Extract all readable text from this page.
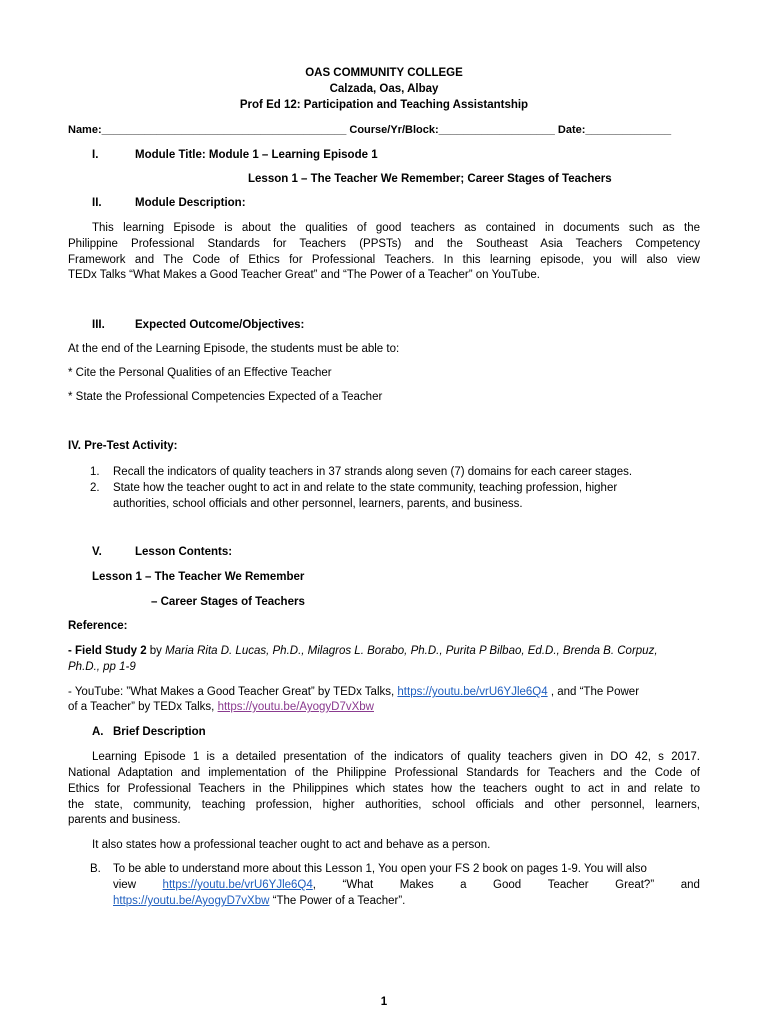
OAS COMMUNITY COLLEGE
Calzada, Oas, Albay
Prof Ed 12: Participation and Teaching Assistantship
Name:________________________________________ Course/Yr/Block:___________________ Date:______________
I.	Module Title: Module 1 – Learning Episode 1
Lesson 1 – The Teacher We Remember; Career Stages of Teachers
II.	Module Description:
This learning Episode is about the qualities of good teachers as contained in documents such as the
Philippine Professional Standards for Teachers (PPSTs) and the Southeast Asia Teachers Competency
Framework and The Code of Ethics for Professional Teachers. In this learning episode, you will also view
TEDx Talks “What Makes a Good Teacher Great” and “The Power of a Teacher” on YouTube.
III.	Expected Outcome/Objectives:
At the end of the Learning Episode, the students must be able to:
* Cite the Personal Qualities of an Effective Teacher
* State the Professional Competencies Expected of a Teacher
IV. Pre-Test Activity:
1. Recall the indicators of quality teachers in 37 strands along seven (7) domains for each career stages.
2. State how the teacher ought to act in and relate to the state community, teaching profession, higher
authorities, school officials and other personnel, learners, parents, and business.
V.	Lesson Contents:
Lesson 1 – The Teacher We Remember
– Career Stages of Teachers
Reference:
- Field Study 2 by Maria Rita D. Lucas, Ph.D., Milagros L. Borabo, Ph.D., Purita P Bilbao, Ed.D., Brenda B. Corpuz,
Ph.D., pp 1-9
- YouTube: ”What Makes a Good Teacher Great” by TEDx Talks, https://youtu.be/vrU6YJle6Q4 , and “The Power
of a Teacher” by TEDx Talks, https://youtu.be/AyogyD7vXbw
A. Brief Description
Learning Episode 1 is a detailed presentation of the indicators of quality teachers given in DO 42, s 2017.
National Adaptation and implementation of the Philippine Professional Standards for Teachers and the Code of
Ethics for Professional Teachers in the Philippines which states how the teachers ought to act in and relate to
the state, community, teaching profession, higher authorities, school officials and other personnel, learners,
parents and business.
It also states how a professional teacher ought to act and behave as a person.
B. To be able to understand more about this Lesson 1, You open your FS 2 book on pages 1-9. You will also
view https://youtu.be/vrU6YJle6Q4, “What Makes a Good Teacher Great?” and
https://youtu.be/AyogyD7vXbw “The Power of a Teacher”.
1
